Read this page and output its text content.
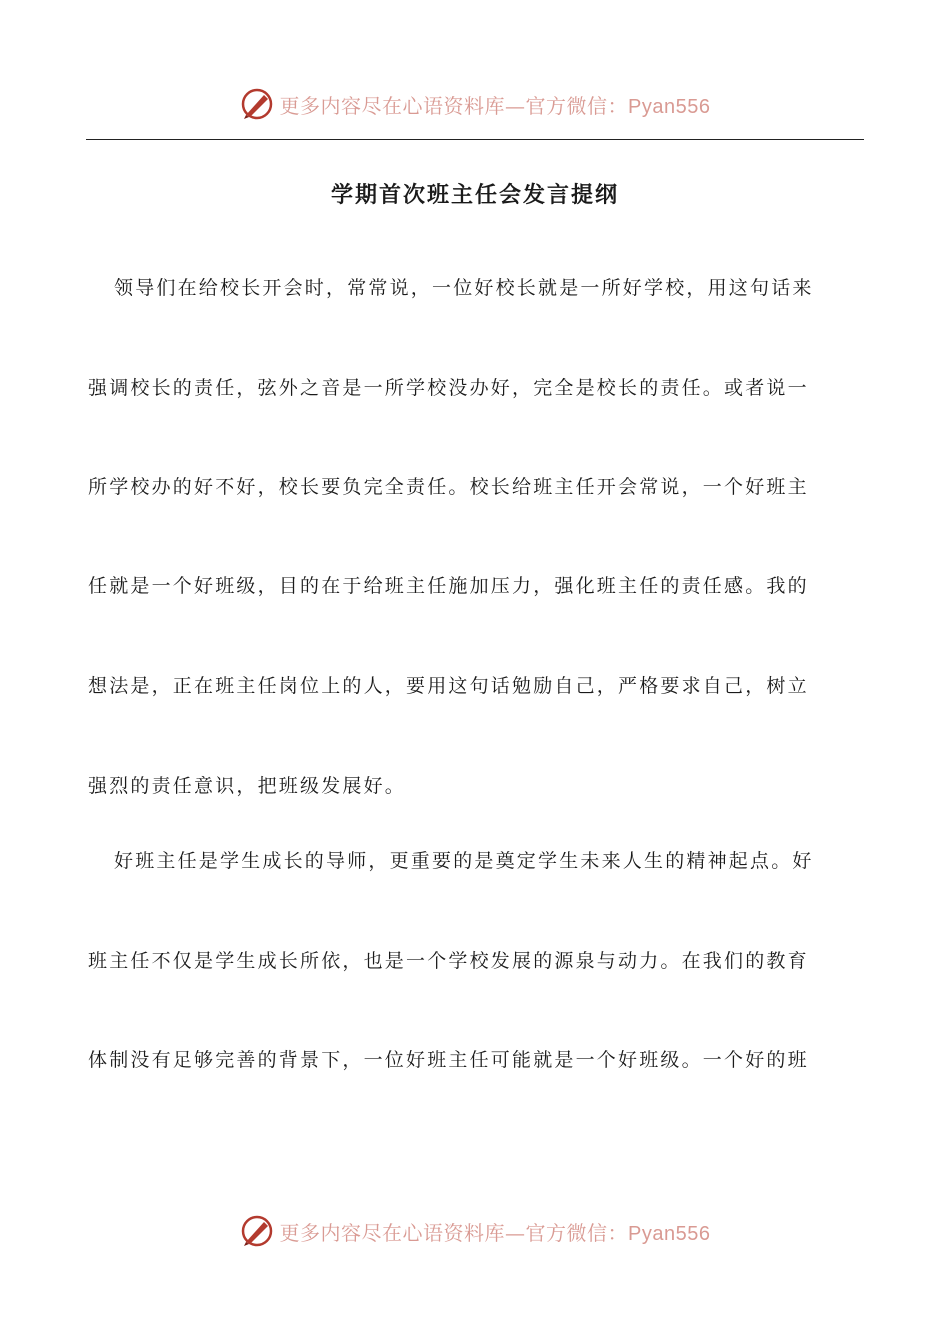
更多内容尽在心语资料库—官方微信：Pyan556
学期首次班主任会发言提纲

领导们在给校长开会时，常常说，一位好校长就是一所好学校，用这句话来

强调校长的责任，弦外之音是一所学校没办好，完全是校长的责任。或者说一

所学校办的好不好，校长要负完全责任。校长给班主任开会常说，一个好班主

任就是一个好班级，目的在于给班主任施加压力，强化班主任的责任感。我的

想法是，正在班主任岗位上的人，要用这句话勉励自己，严格要求自己，树立

强烈的责任意识，把班级发展好。

好班主任是学生成长的导师，更重要的是奠定学生未来人生的精神起点。好

班主任不仅是学生成长所依，也是一个学校发展的源泉与动力。在我们的教育

体制没有足够完善的背景下，一位好班主任可能就是一个好班级。一个好的班

更多内容尽在心语资料库—官方微信：Pyan556
